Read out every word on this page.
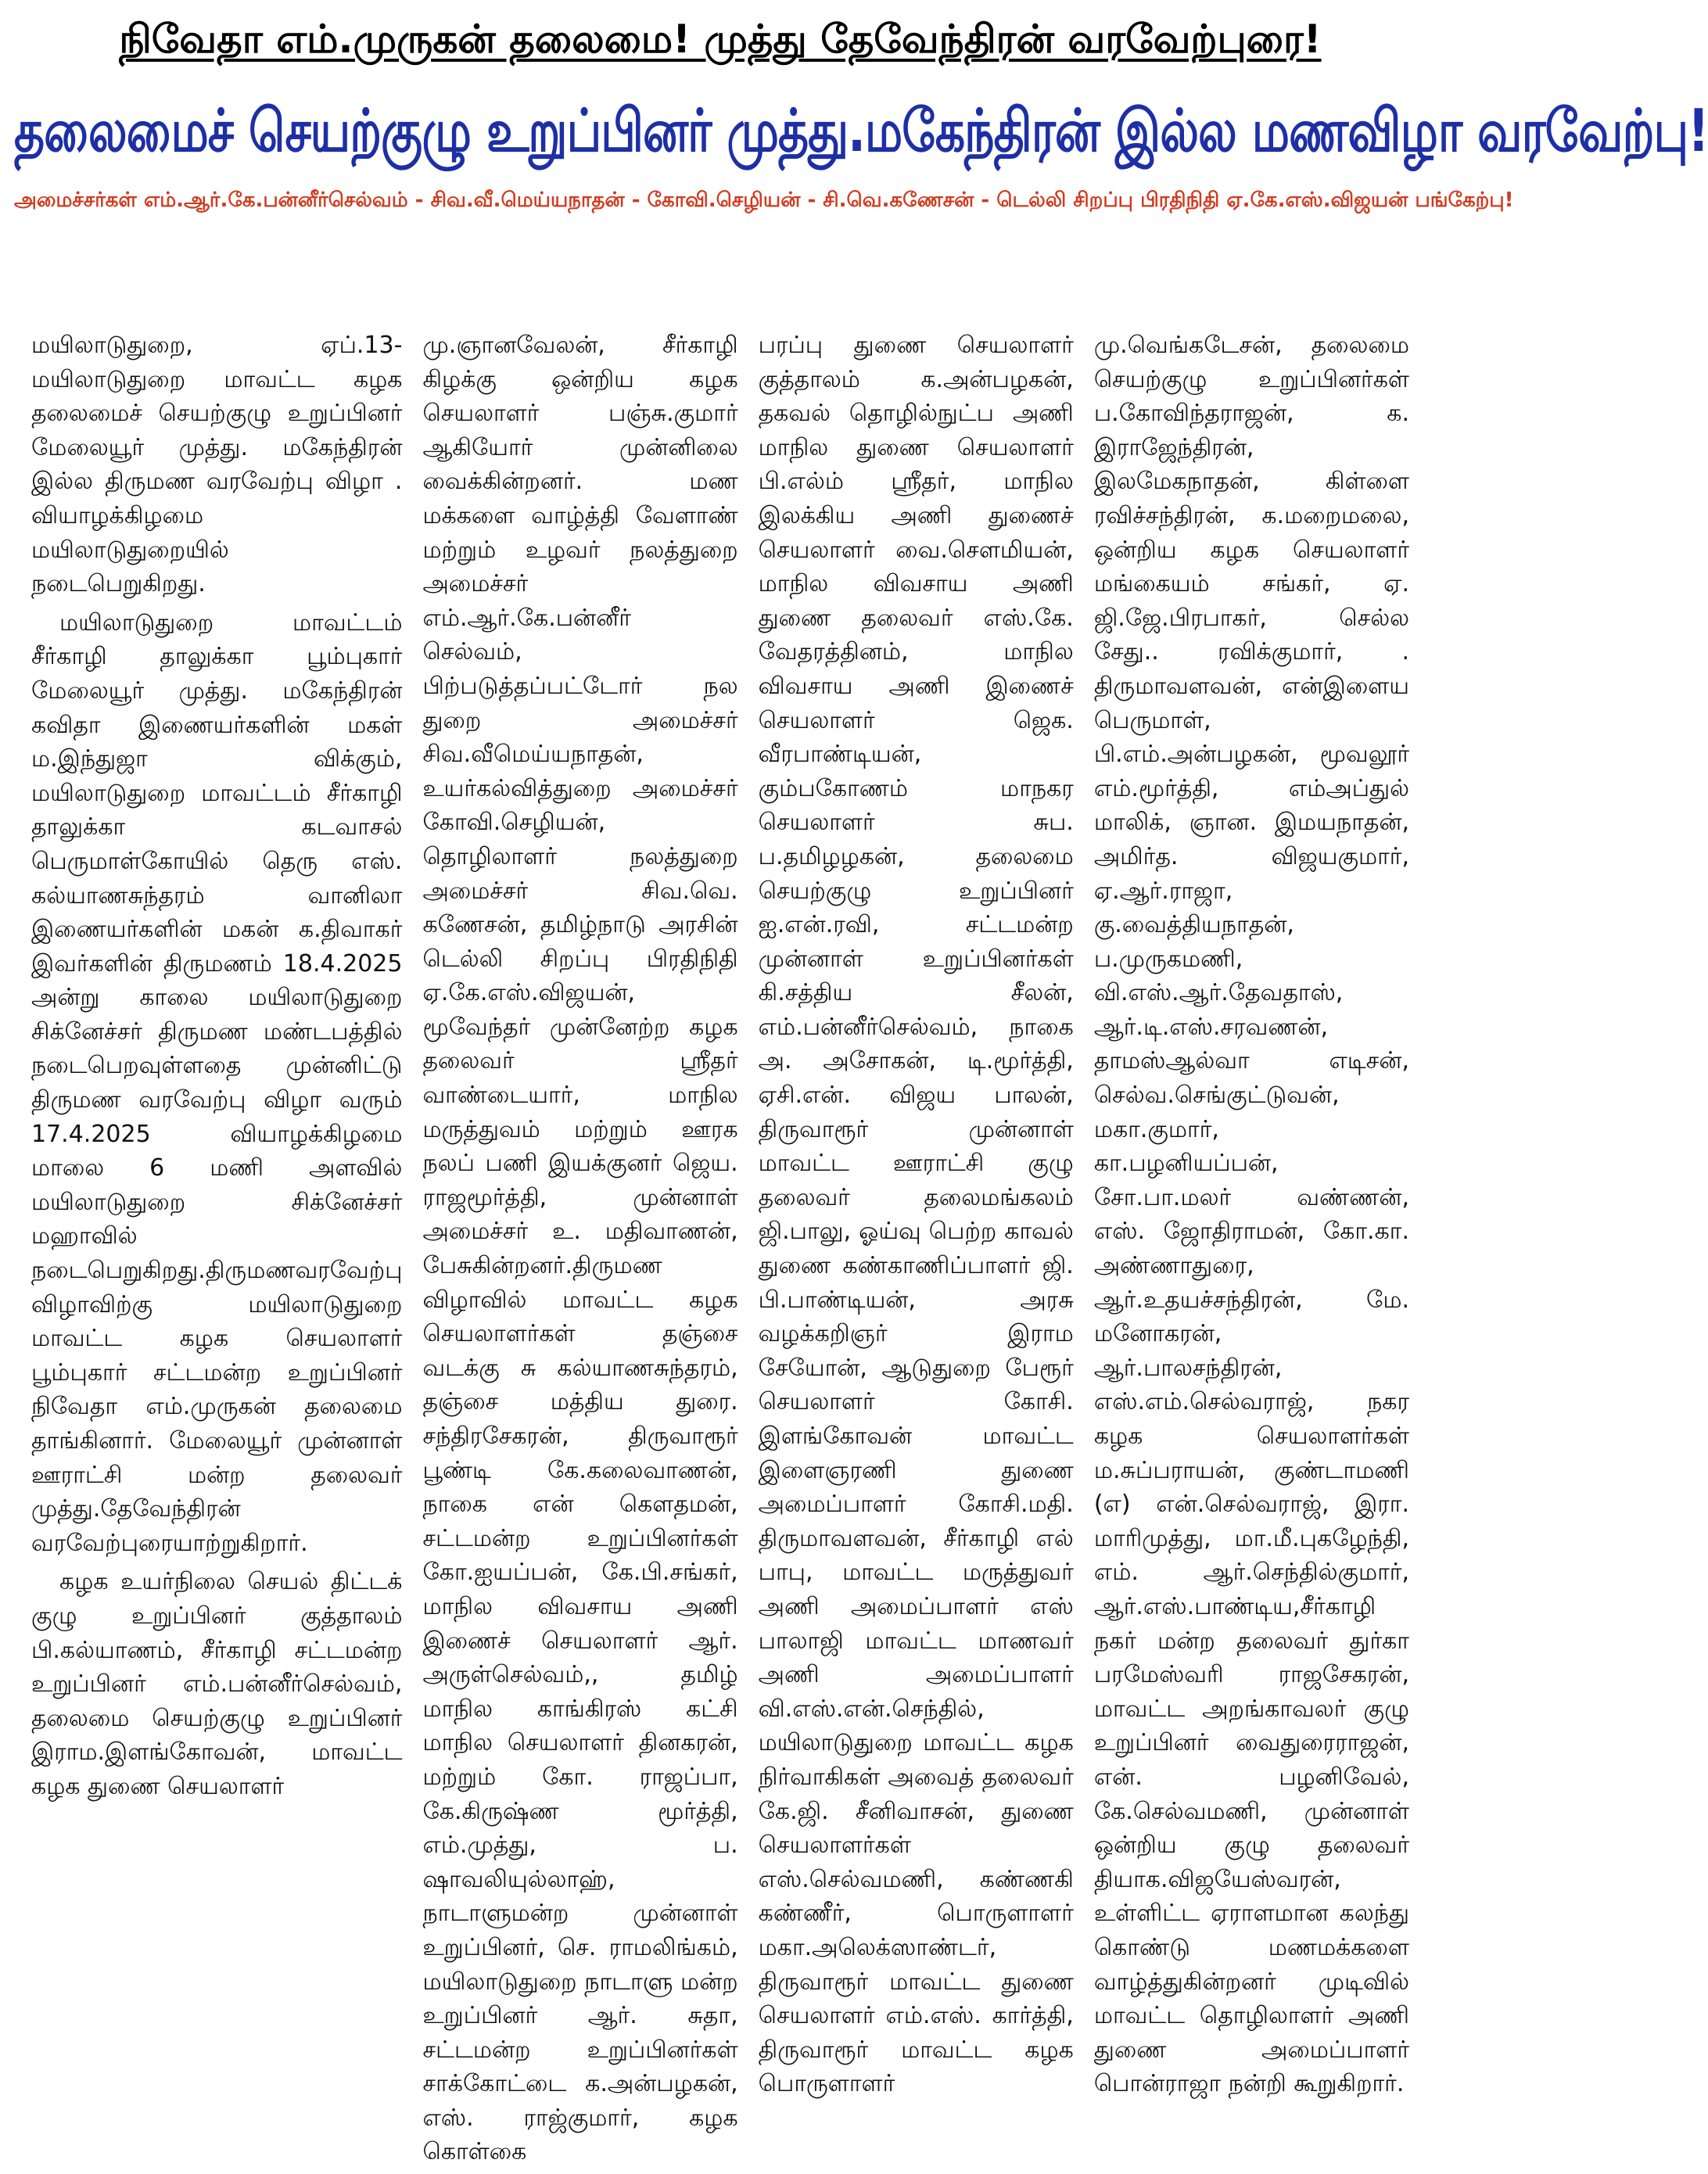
நிவேதா எம்.முருகன் தலைமை! முத்து தேவேந்திரன் வரவேற்புரை!
தலைமைச் செயற்குழு உறுப்பினர் முத்து.மகேந்திரன் இல்ல மணவிழா வரவேற்பு!
அமைச்சர்கள் எம்.ஆர்.கே.பன்னீர்செல்வம் - சிவ.வீ.மெய்யநாதன் - கோவி.செழியன் - சி.வெ.கணேசன் - டெல்லி சிறப்பு பிரதிநிதி ஏ.கே.எஸ்.விஜயன் பங்கேற்பு!

மயிலாடுதுறை, ஏப்.13- மயிலாடுதுறை மாவட்ட கழக தலைமைச் செயற்குழு உறுப்பினர் மேலையூர் முத்து. மகேந்திரன் இல்ல திருமண வரவேற்பு விழா . வியாழக்கிழமை மயிலாடுதுறையில் நடைபெறுகிறது.

மயிலாடுதுறை மாவட்டம் சீர்காழி தாலுக்கா பூம்புகார் மேலையூர் முத்து. மகேந்திரன் கவிதா இணையர்களின் மகள் ம.இந்துஜா விக்கும், மயிலாடுதுறை மாவட்டம் சீர்காழி தாலுக்கா கடவாசல் பெருமாள்கோயில் தெரு எஸ். கல்யாணசுந்தரம் வானிலா இணையர்களின் மகன் க.திவாகர் இவர்களின் திருமணம் 18.4.2025 அன்று காலை மயிலாடுதுறை சிக்னேச்சர் திருமண மண்டபத்தில் நடைபெறவுள்ளதை முன்னிட்டு திருமண வரவேற்பு விழா வரும் 17.4.2025 வியாழக்கிழமை மாலை 6 மணி அளவில் மயிலாடுதுறை சிக்னேச்சர் மஹாவில் நடைபெறுகிறது.திருமணவரவேற்பு விழாவிற்கு மயிலாடுதுறை மாவட்ட கழக செயலாளர் பூம்புகார் சட்டமன்ற உறுப்பினர் நிவேதா எம்.முருகன் தலைமை தாங்கினார். மேலையூர் முன்னாள் ஊராட்சி மன்ற தலைவர் முத்து.தேவேந்திரன் வரவேற்புரையாற்றுகிறார்.

கழக உயர்நிலை செயல் திட்டக் குழு உறுப்பினர் குத்தாலம் பி.கல்யாணம், சீர்காழி சட்டமன்ற உறுப்பினர் எம்.பன்னீர்செல்வம், தலைமை செயற்குழு உறுப்பினர் இராம.இளங்கோவன், மாவட்ட கழக துணை செயலாளர்

மு.ஞானவேலன், சீர்காழி கிழக்கு ஒன்றிய கழக செயலாளர் பஞ்சு.குமார் ஆகியோர் முன்னிலை வைக்கின்றனர். மண மக்களை வாழ்த்தி வேளாண் மற்றும் உழவர் நலத்துறை அமைச்சர் எம்.ஆர்.கே.பன்னீர் செல்வம், பிற்படுத்தப்பட்டோர் நல துறை அமைச்சர் சிவ.வீமெய்யநாதன், உயர்கல்வித்துறை அமைச்சர் கோவி.செழியன், தொழிலாளர் நலத்துறை அமைச்சர் சிவ.வெ. கணேசன், தமிழ்நாடு அரசின் டெல்லி சிறப்பு பிரதிநிதி ஏ.கே.எஸ்.விஜயன், மூவேந்தர் முன்னேற்ற கழக தலைவர் ஸ்ரீதர் வாண்டையார், மாநில மருத்துவம் மற்றும் ஊரக நலப் பணி இயக்குனர் ஜெய. ராஜமூர்த்தி, முன்னாள் அமைச்சர் உ. மதிவாணன், பேசுகின்றனர்.திருமண விழாவில் மாவட்ட கழக செயலாளர்கள் தஞ்சை வடக்கு சு கல்யாணசுந்தரம், தஞ்சை மத்திய துரை. சந்திரசேகரன், திருவாரூர் பூண்டி கே.கலைவாணன், நாகை என் கௌதமன், சட்டமன்ற உறுப்பினர்கள் கோ.ஐயப்பன், கே.பி.சங்கர், மாநில விவசாய அணி இணைச் செயலாளர் ஆர். அருள்செல்வம்,, தமிழ் மாநில காங்கிரஸ் கட்சி மாநில செயலாளர் தினகரன், மற்றும் கோ. ராஜப்பா, கே.கிருஷ்ண மூர்த்தி, எம்.முத்து, ப. ஷாவலியுல்லாஹ், நாடாளுமன்ற முன்னாள் உறுப்பினர், செ. ராமலிங்கம், மயிலாடுதுறை நாடாளு மன்ற உறுப்பினர் ஆர். சுதா, சட்டமன்ற உறுப்பினர்கள் சாக்கோட்டை க.அன்பழகன், எஸ். ராஜ்குமார், கழக கொள்கை

பரப்பு துணை செயலாளர் குத்தாலம் க.அன்பழகன், தகவல் தொழில்நுட்ப அணி மாநில துணை செயலாளர் பி.எல்ம் ஸ்ரீதர், மாநில இலக்கிய அணி துணைச் செயலாளர் வை.சௌமியன், மாநில விவசாய அணி துணை தலைவர் எஸ்.கே. வேதரத்தினம், மாநில விவசாய அணி இணைச் செயலாளர் ஜெக. வீரபாண்டியன், கும்பகோணம் மாநகர செயலாளர் சுப. ப.தமிழழகன், தலைமை செயற்குழு உறுப்பினர் ஐ.என்.ரவி, சட்டமன்ற முன்னாள் உறுப்பினர்கள் கி.சத்திய சீலன், எம்.பன்னீர்செல்வம், நாகை அ. அசோகன், டி.மூர்த்தி, ஏசி.என். விஜய பாலன், திருவாரூர் முன்னாள் மாவட்ட ஊராட்சி குழு தலைவர் தலைமங்கலம் ஜி.பாலு, ஓய்வு பெற்ற காவல் துணை கண்காணிப்பாளர் ஜி. பி.பாண்டியன், அரசு வழக்கறிஞர் இராம சேயோன், ஆடுதுறை பேரூர் செயலாளர் கோசி. இளங்கோவன் மாவட்ட இளைஞரணி துணை அமைப்பாளர் கோசி.மதி. திருமாவளவன், சீர்காழி எல் பாபு, மாவட்ட மருத்துவர் அணி அமைப்பாளர் எஸ் பாலாஜி மாவட்ட மாணவர் அணி அமைப்பாளர் வி.எஸ்.என்.செந்தில், மயிலாடுதுறை மாவட்ட கழக நிர்வாகிகள் அவைத் தலைவர் கே.ஜி. சீனிவாசன், துணை செயலாளர்கள் எஸ்.செல்வமணி, கண்ணகி கண்ணீர், பொருளாளர் மகா.அலெக்ஸாண்டர், திருவாரூர் மாவட்ட துணை செயலாளர் எம்.எஸ். கார்த்தி, திருவாரூர் மாவட்ட கழக பொருளாளர்

மு.வெங்கடேசன், தலைமை செயற்குழு உறுப்பினர்கள் ப.கோவிந்தராஜன், க. இராஜேந்திரன், இலமேகநாதன், கிள்ளை ரவிச்சந்திரன், க.மறைமலை, ஒன்றிய கழக செயலாளர் மங்கையம் சங்கர், ஏ. ஜி.ஜே.பிரபாகர், செல்ல சேது.. ரவிக்குமார், . திருமாவளவன், என்இளைய பெருமாள், பி.எம்.அன்பழகன், மூவலூர் எம்.மூர்த்தி, எம்அப்துல் மாலிக், ஞான. இமயநாதன், அமிர்த. விஜயகுமார், ஏ.ஆர்.ராஜா, கு.வைத்தியநாதன், ப.முருகமணி, வி.எஸ்.ஆர்.தேவதாஸ், ஆர்.டி.எஸ்.சரவணன், தாமஸ்ஆல்வா எடிசன், செல்வ.செங்குட்டுவன், மகா.குமார், கா.பழனியப்பன், சோ.பா.மலர் வண்ணன், எஸ். ஜோதிராமன், கோ.கா. அண்ணாதுரை, ஆர்.உதயச்சந்திரன், மே. மனோகரன், ஆர்.பாலசந்திரன், எஸ்.எம்.செல்வராஜ், நகர கழக செயலாளர்கள் ம.சுப்பராயன், குண்டாமணி (எ) என்.செல்வராஜ், இரா. மாரிமுத்து, மா.மீ.புகழேந்தி, எம். ஆர்.செந்தில்குமார், ஆர்.எஸ்.பாண்டிய,சீர்காழி நகர் மன்ற தலைவர் துர்கா பரமேஸ்வரி ராஜசேகரன், மாவட்ட அறங்காவலர் குழு உறுப்பினர் வைதுரைராஜன், என். பழனிவேல், கே.செல்வமணி, முன்னாள் ஒன்றிய குழு தலைவர் தியாக.விஜயேஸ்வரன், உள்ளிட்ட ஏராளமான கலந்து கொண்டு மணமக்களை வாழ்த்துகின்றனர் முடிவில் மாவட்ட தொழிலாளர் அணி துணை அமைப்பாளர் பொன்ராஜா நன்றி கூறுகிறார்.
